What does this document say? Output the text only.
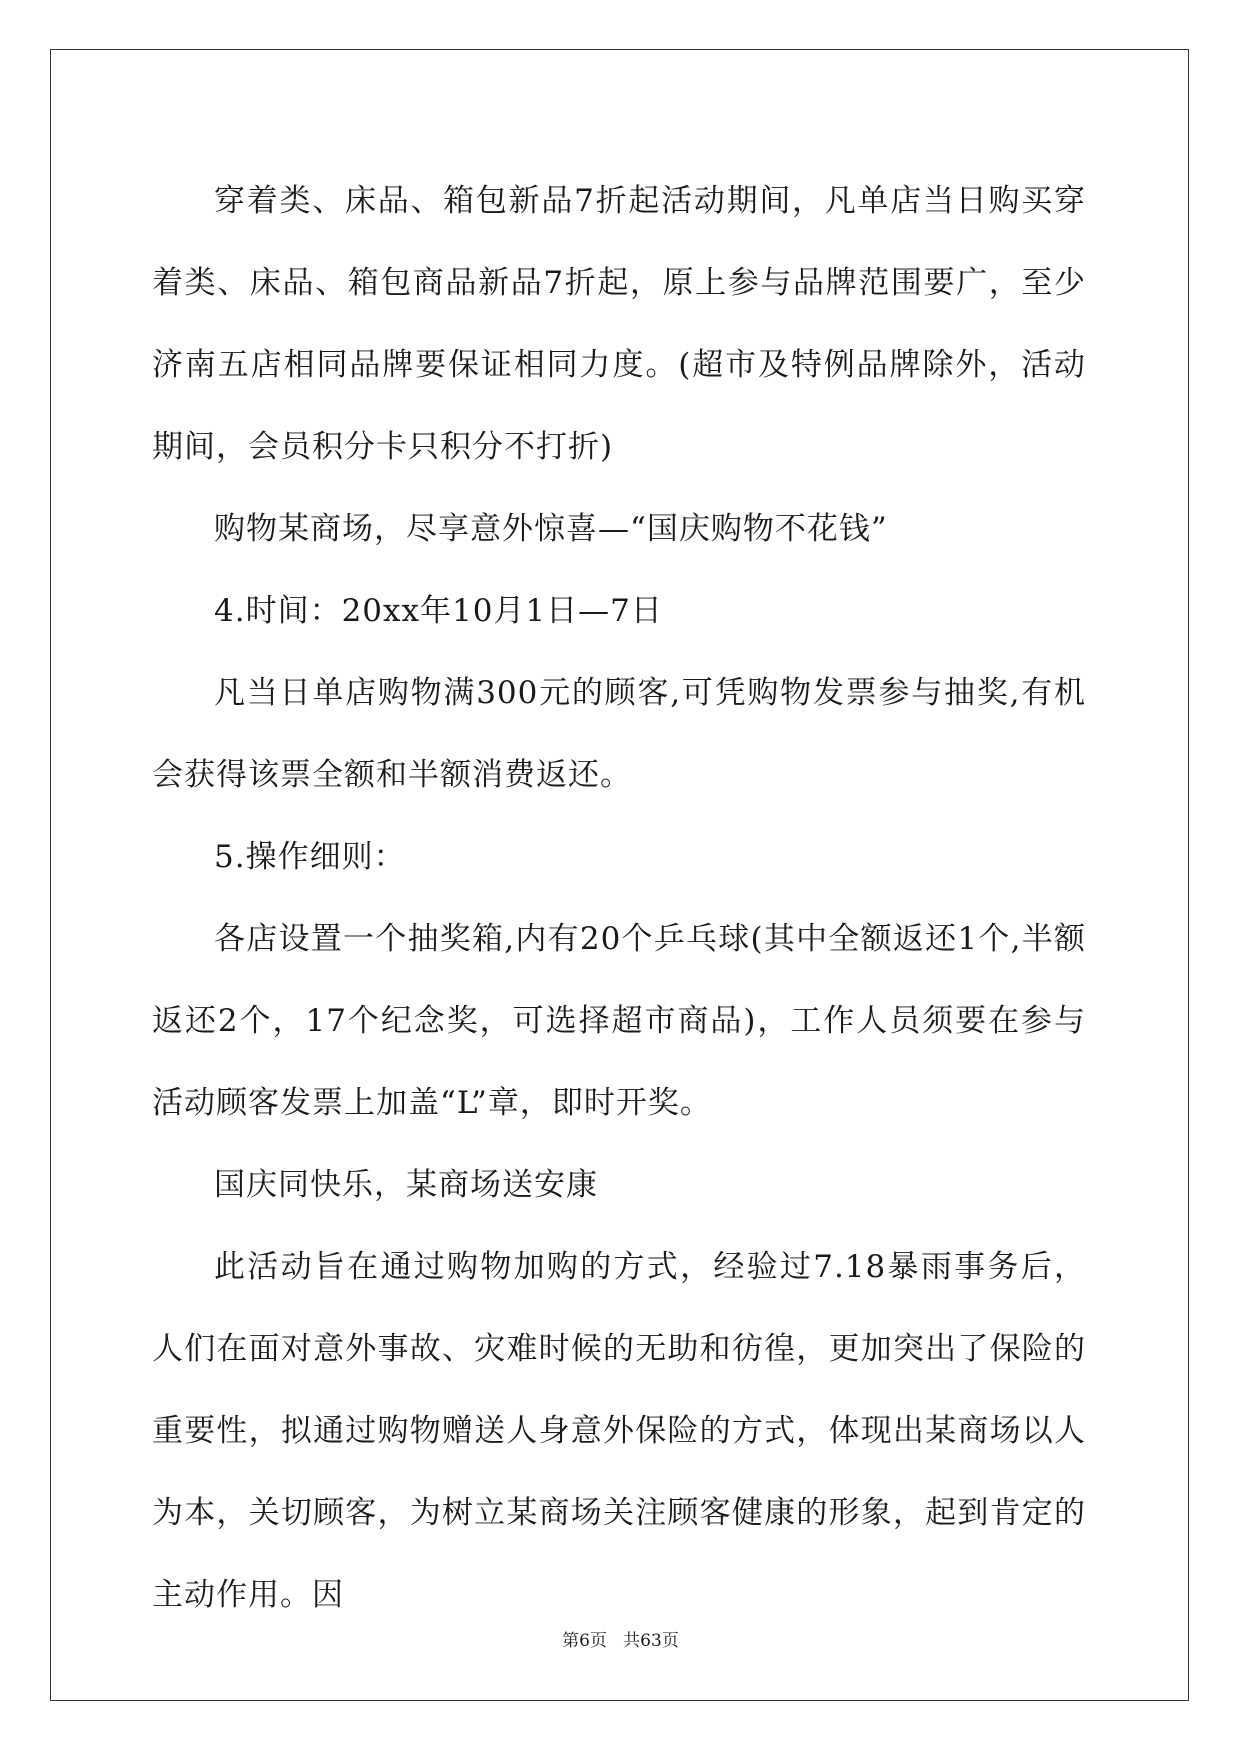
穿着类、床品、箱包新品7折起活动期间，凡单店当日购买穿着类、床品、箱包商品新品7折起，原上参与品牌范围要广，至少济南五店相同品牌要保证相同力度。(超市及特例品牌除外，活动期间，会员积分卡只积分不打折)

购物某商场，尽享意外惊喜—“国庆购物不花钱”

4.时间：20xx年10月1日—7日

凡当日单店购物满300元的顾客,可凭购物发票参与抽奖,有机会获得该票全额和半额消费返还。

5.操作细则：

各店设置一个抽奖箱,内有20个乒乓球(其中全额返还1个,半额返还2个，17个纪念奖，可选择超市商品)，工作人员须要在参与活动顾客发票上加盖“L”章，即时开奖。

国庆同快乐，某商场送安康

此活动旨在通过购物加购的方式，经验过7.18暴雨事务后，人们在面对意外事故、灾难时候的无助和彷徨，更加突出了保险的重要性，拟通过购物赠送人身意外保险的方式，体现出某商场以人为本，关切顾客，为树立某商场关注顾客健康的形象，起到肯定的主动作用。因

第6页   共63页
